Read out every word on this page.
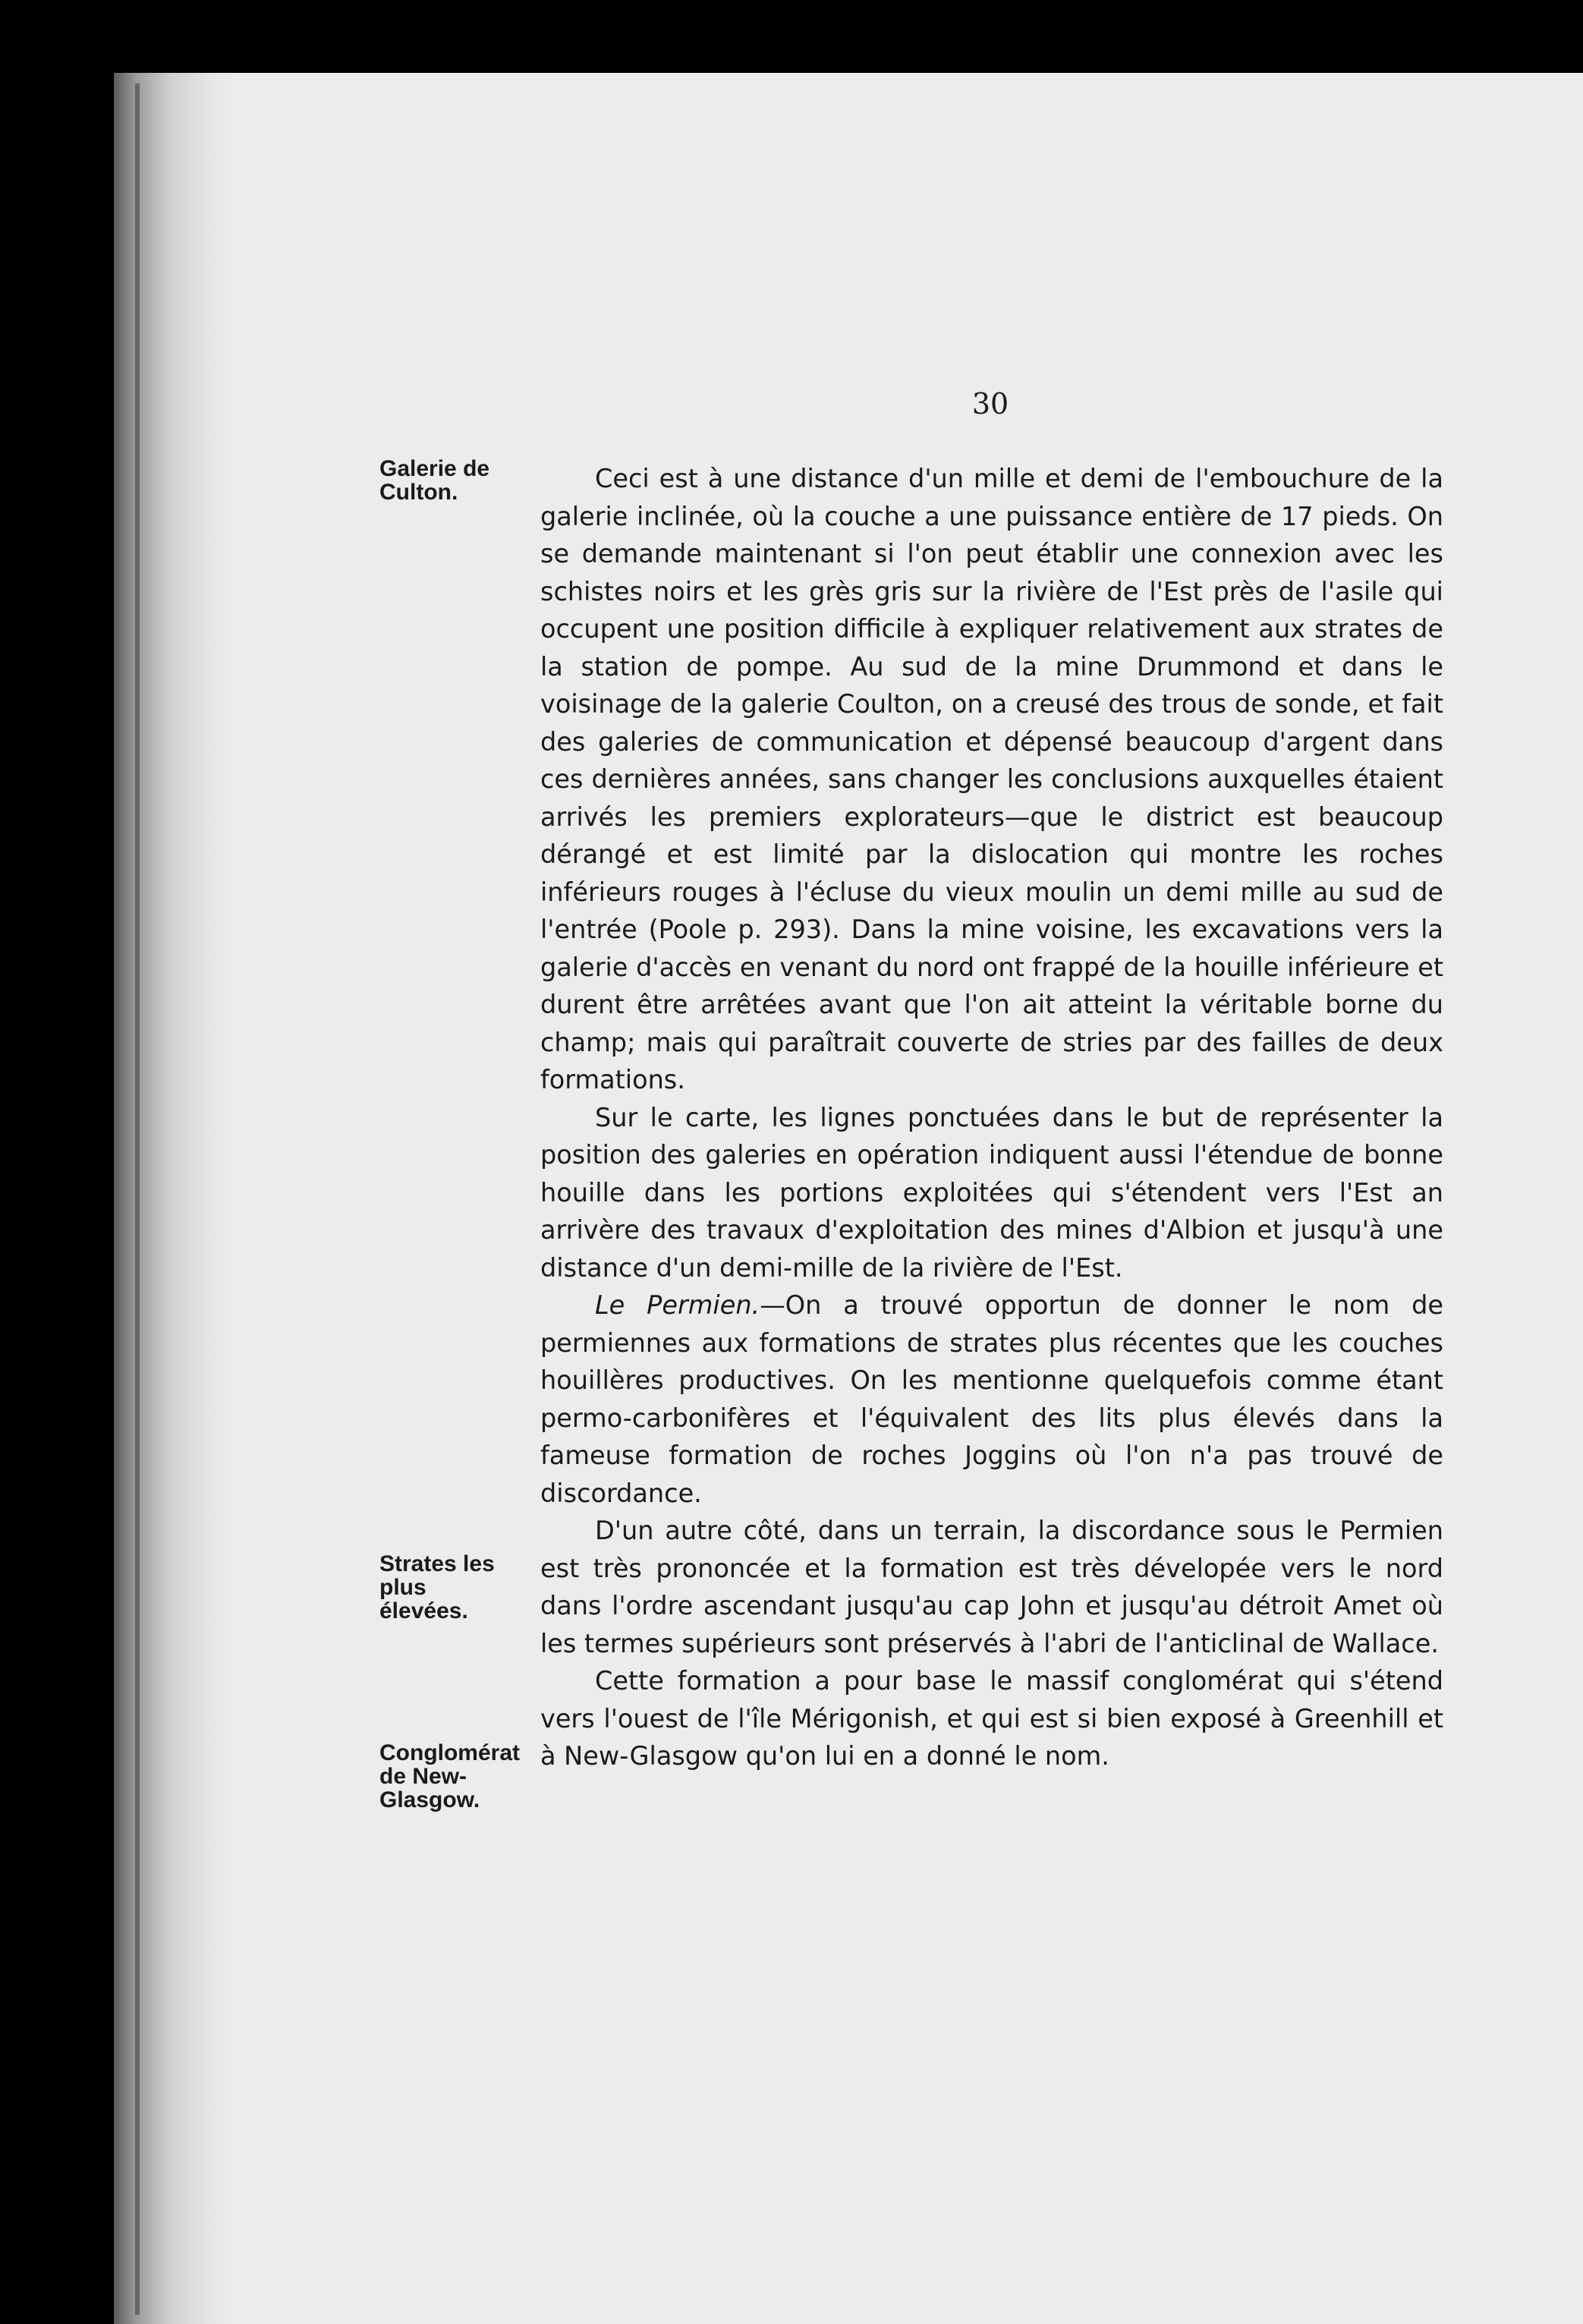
30
Galerie de Culton.
Strates les plus élevées.
Conglomérat de New-Glasgow.

Ceci est à une distance d'un mille et demi de l'embouchure de la galerie inclinée, où la couche a une puissance entière de 17 pieds. On se demande maintenant si l'on peut établir une connexion avec les schistes noirs et les grès gris sur la rivière de l'Est près de l'asile qui occupent une position difficile à expliquer relativement aux strates de la station de pompe. Au sud de la mine Drummond et dans le voisinage de la galerie Coulton, on a creusé des trous de sonde, et fait des galeries de communication et dépensé beaucoup d'argent dans ces dernières années, sans changer les conclusions auxquelles étaient arrivés les premiers explorateurs—que le district est beaucoup dérangé et est limité par la dislocation qui montre les roches inférieurs rouges à l'écluse du vieux moulin un demi mille au sud de l'entrée (Poole p. 293). Dans la mine voisine, les excavations vers la galerie d'accès en venant du nord ont frappé de la houille inférieure et durent être arrêtées avant que l'on ait atteint la véritable borne du champ; mais qui paraîtrait couverte de stries par des failles de deux formations.

Sur le carte, les lignes ponctuées dans le but de représenter la position des galeries en opération indiquent aussi l'étendue de bonne houille dans les portions exploitées qui s'étendent vers l'Est an arrivère des travaux d'exploitation des mines d'Albion et jusqu'à une distance d'un demi-mille de la rivière de l'Est.

Le Permien.—On a trouvé opportun de donner le nom de permiennes aux formations de strates plus récentes que les couches houillères productives. On les mentionne quelquefois comme étant permo-carbonifères et l'équivalent des lits plus élevés dans la fameuse formation de roches Joggins où l'on n'a pas trouvé de discordance.

D'un autre côté, dans un terrain, la discordance sous le Permien est très prononcée et la formation est très dévelopée vers le nord dans l'ordre ascendant jusqu'au cap John et jusqu'au détroit Amet où les termes supérieurs sont préservés à l'abri de l'anticlinal de Wallace.

Cette formation a pour base le massif conglomérat qui s'étend vers l'ouest de l'île Mérigonish, et qui est si bien exposé à Greenhill et à New-Glasgow qu'on lui en a donné le nom.
